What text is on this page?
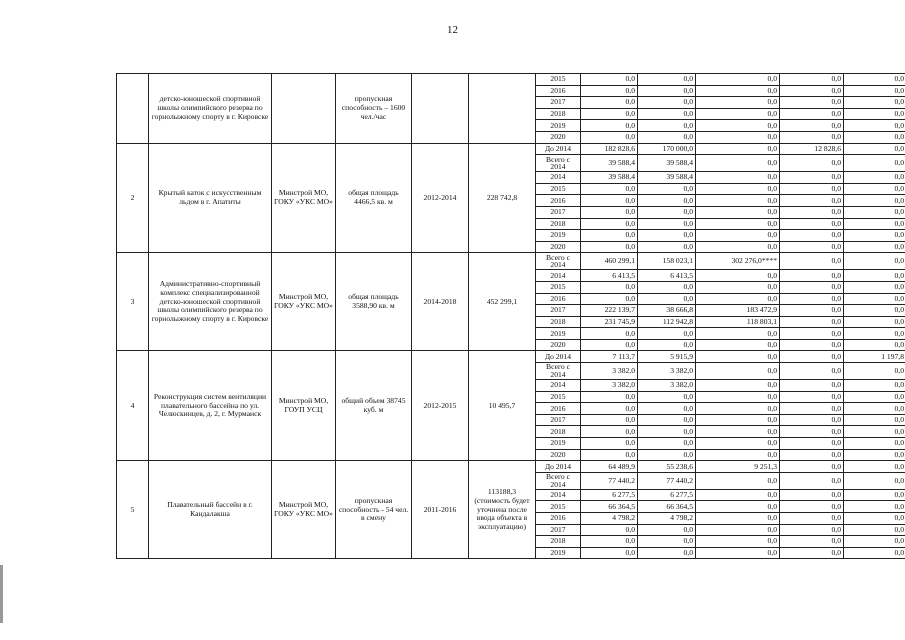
12
	детско-юношеской спортивной школы олимпийского резерва по горнолыжному спорту в г. Кировске		пропускная способность – 1600 чел./час			2015	0,0	0,0	0,0	0,0	0,0
						2016	0,0	0,0	0,0	0,0	0,0
						2017	0,0	0,0	0,0	0,0	0,0
						2018	0,0	0,0	0,0	0,0	0,0
						2019	0,0	0,0	0,0	0,0	0,0
						2020	0,0	0,0	0,0	0,0	0,0
2	Крытый каток с искусственным льдом в г. Апатиты	Минстрой МО, ГОКУ «УКС МО»	общая площадь 4466,5 кв. м	2012-2014	228 742,8	До 2014	182 828,6	170 000,0	0,0	12 828,6	0,0
						Всего с 2014	39 588,4	39 588,4	0,0	0,0	0,0
						2014	39 588,4	39 588,4	0,0	0,0	0,0
						2015	0,0	0,0	0,0	0,0	0,0
						2016	0,0	0,0	0,0	0,0	0,0
						2017	0,0	0,0	0,0	0,0	0,0
						2018	0,0	0,0	0,0	0,0	0,0
						2019	0,0	0,0	0,0	0,0	0,0
						2020	0,0	0,0	0,0	0,0	0,0
3	Административно-спортивный комплекс специализированной детско-юношеской спортивной школы олимпийского резерва по горнолыжному спорту в г. Кировске	Минстрой МО, ГОКУ «УКС МО»	общая площадь 3588,90 кв. м	2014-2018	452 299,1	Всего с 2014	460 299,1	158 023,1	302 276,0****	0,0	0,0
						2014	6 413,5	6 413,5	0,0	0,0	0,0
						2015	0,0	0,0	0,0	0,0	0,0
						2016	0,0	0,0	0,0	0,0	0,0
						2017	222 139,7	38 666,8	183 472,9	0,0	0,0
						2018	231 745,9	112 942,8	118 803,1	0,0	0,0
						2019	0,0	0,0	0,0	0,0	0,0
						2020	0,0	0,0	0,0	0,0	0,0
4	Реконструкция систем вентиляции плавательного бассейна по ул. Челюскинцев, д. 2, г. Мурманск	Минстрой МО, ГОУП УСЦ	общий объем 38745 куб. м	2012-2015	10 495,7	До 2014	7 113,7	5 915,9	0,0	0,0	1 197,8
						Всего с 2014	3 382,0	3 382,0	0,0	0,0	0,0
						2014	3 382,0	3 382,0	0,0	0,0	0,0
						2015	0,0	0,0	0,0	0,0	0,0
						2016	0,0	0,0	0,0	0,0	0,0
						2017	0,0	0,0	0,0	0,0	0,0
						2018	0,0	0,0	0,0	0,0	0,0
						2019	0,0	0,0	0,0	0,0	0,0
						2020	0,0	0,0	0,0	0,0	0,0
5	Плавательный бассейн в г. Кандалакша	Минстрой МО, ГОКУ «УКС МО»	пропускная способность - 54 чел. в смену	2011-2016	113188,3 (стоимость будет уточнена после ввода объекта в эксплуатацию)	До 2014	64 489,9	55 238,6	9 251,3	0,0	0,0
						Всего с 2014	77 440,2	77 440,2	0,0	0,0	0,0
						2014	6 277,5	6 277,5	0,0	0,0	0,0
						2015	66 364,5	66 364,5	0,0	0,0	0,0
						2016	4 798,2	4 798,2	0,0	0,0	0,0
						2017	0,0	0,0	0,0	0,0	0,0
						2018	0,0	0,0	0,0	0,0	0,0
						2019	0,0	0,0	0,0	0,0	0,0
